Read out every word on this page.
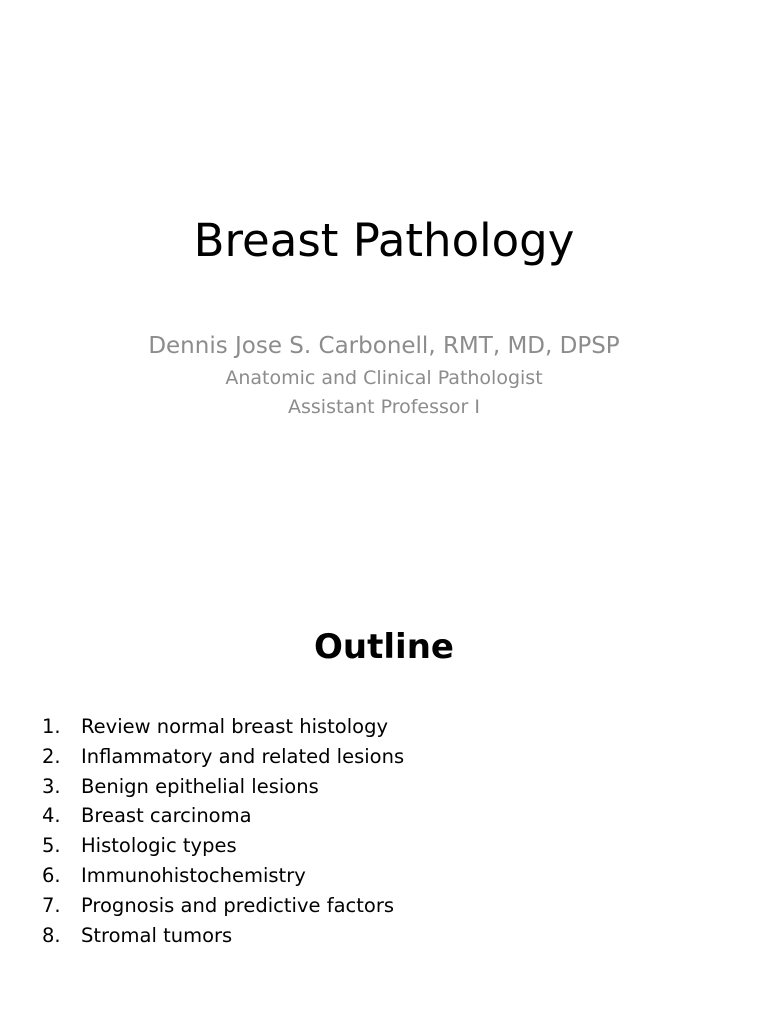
Breast Pathology

Dennis Jose S. Carbonell, RMT, MD, DPSP

Anatomic and Clinical Pathologist

Assistant Professor I

Outline
1. Review normal breast histology
2. Inflammatory and related lesions
3. Benign epithelial lesions
4. Breast carcinoma
5. Histologic types
6. Immunohistochemistry
7. Prognosis and predictive factors
8. Stromal tumors
